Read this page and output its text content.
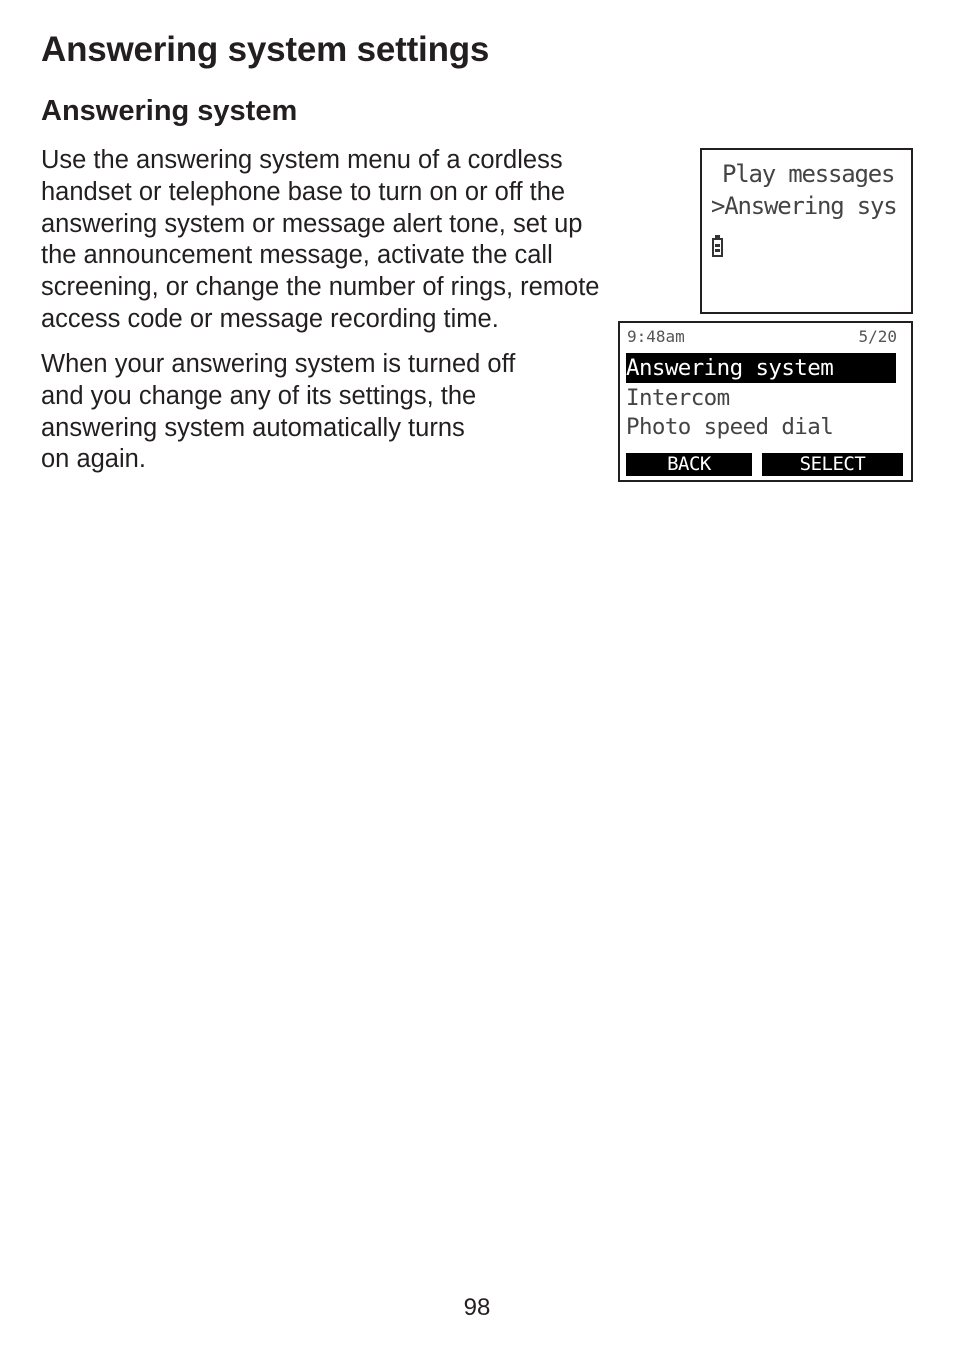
Answering system settings
Answering system
Use the answering system menu of a cordless
handset or telephone base to turn on or off the
answering system or message alert tone, set up
the announcement message, activate the call
screening, or change the number of rings, remote
access code or message recording time.
When your answering system is turned off
and you change any of its settings, the
answering system automatically turns
on again.
Play messages
>Answering sys
9:48am	5/20
Answering system
Intercom
Photo speed dial
BACK	SELECT
98
